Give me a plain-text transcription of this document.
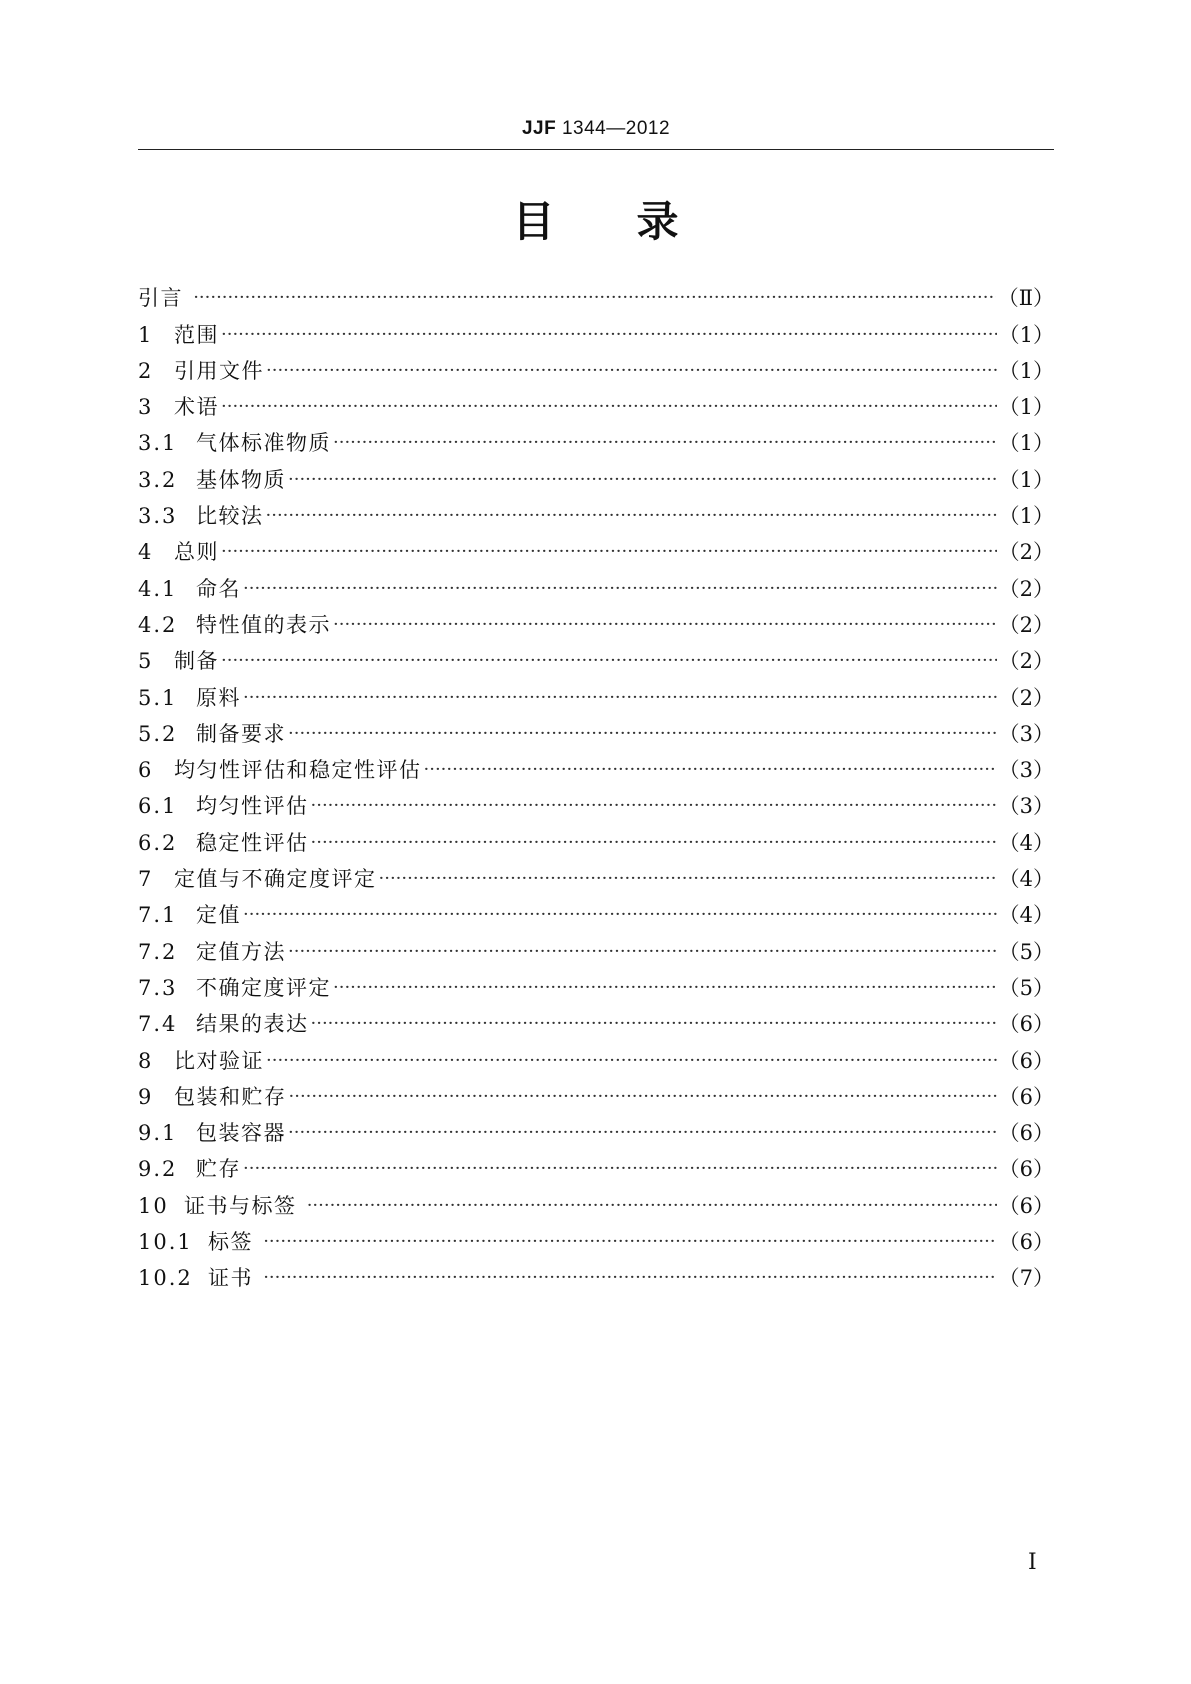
JJF 1344—2012
目录
引言 ·····	（Ⅱ）
1 范围 ·····	（1）
2 引用文件 ·····	（1）
3 术语 ·····	（1）
3.1 气体标准物质 ·····	（1）
3.2 基体物质 ·····	（1）
3.3 比较法 ·····	（1）
4 总则 ·····	（2）
4.1 命名 ·····	（2）
4.2 特性值的表示 ·····	（2）
5 制备 ·····	（2）
5.1 原料 ·····	（2）
5.2 制备要求 ·····	（3）
6 均匀性评估和稳定性评估 ·····	（3）
6.1 均匀性评估 ·····	（3）
6.2 稳定性评估 ·····	（4）
7 定值与不确定度评定 ·····	（4）
7.1 定值 ·····	（4）
7.2 定值方法 ·····	（5）
7.3 不确定度评定 ·····	（5）
7.4 结果的表达 ·····	（6）
8 比对验证 ·····	（6）
9 包装和贮存 ·····	（6）
9.1 包装容器 ·····	（6）
9.2 贮存 ·····	（6）
10 证书与标签 ·····	（6）
10.1 标签 ·····	（6）
10.2 证书 ·····	（7）
Ⅰ
